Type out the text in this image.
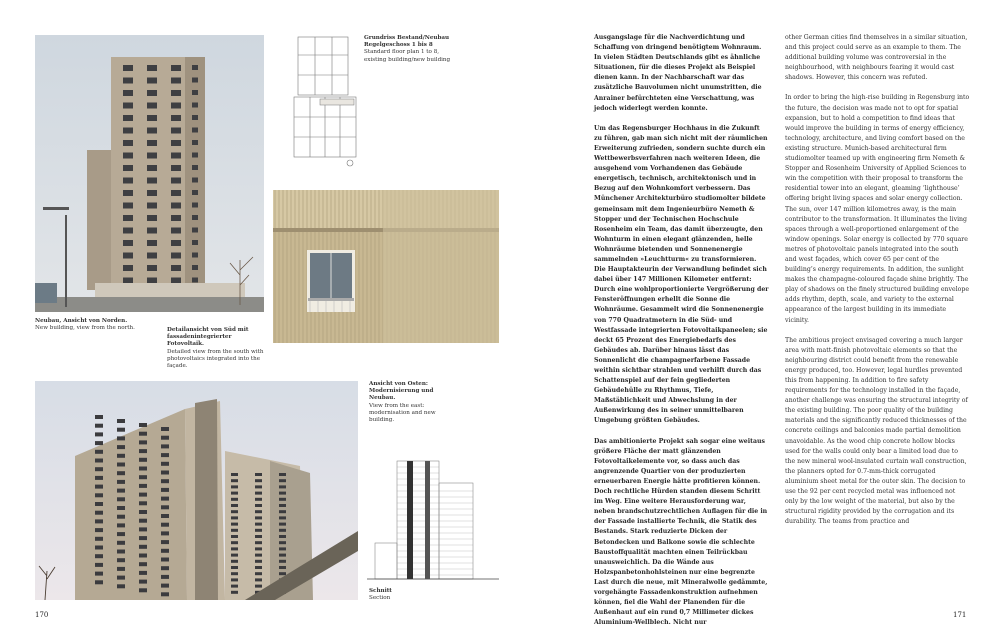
Grundriss Bestand/Neubau Regelgeschoss 1 bis 8
Standard floor plan 1 to 8, existing building/new building
Neubau, Ansicht von Norden.
New building, view from the north.	Detailansicht von Süd mit fassadenintegrierter Fotovoltaik.
Detailed view from the south with photovoltaics integrated into the façade.
Ansicht von Osten: Modernisierung und Neubau.
View from the east: modernisation and new building.
Schnitt
Section

Ausgangslage für die Nachverdichtung und Schaffung von dringend benötigtem Wohnraum. In vielen Städten Deutschlands gibt es ähnliche Situationen, für die dieses Projekt als Beispiel dienen kann. In der Nachbarschaft war das zusätzliche Bauvolumen nicht unumstritten, die Anrainer befürchteten eine Verschattung, was jedoch widerlegt werden konnte.

Um das Regensburger Hochhaus in die Zukunft zu führen, gab man sich nicht mit der räumlichen Erweiterung zufrieden, sondern suchte durch ein Wettbewerbsverfahren nach weiteren Ideen, die ausgehend vom Vorhandenen das Gebäude energetisch, technisch, architektonisch und in Bezug auf den Wohnkomfort verbessern. Das Münchener Architekturbüro studiomolter bildete gemeinsam mit dem Ingenieurbüro Nemeth & Stopper und der Technischen Hochschule Rosenheim ein Team, das damit überzeugte, den Wohnturm in einen elegant glänzenden, helle Wohnräume bietenden und Sonnenenergie sammelnden »Leuchtturm« zu transformieren. Die Hauptakteurin der Verwandlung befindet sich dabei über 147 Millionen Kilometer entfernt: Durch eine wohlproportionierte Vergrößerung der Fensteröffnungen erhellt die Sonne die Wohnräume. Gesammelt wird die Sonnenenergie von 770 Quadratmetern in die Süd- und Westfassade integrierten Fotovoltaikpaneelen; sie deckt 65 Prozent des Energiebedarfs des Gebäudes ab. Darüber hinaus lässt das Sonnenlicht die champagnerfarbene Fassade weithin sichtbar strahlen und verhilft durch das Schattenspiel auf der fein gegliederten Gebäudehülle zu Rhythmus, Tiefe, Maßstäblichkeit und Abwechslung in der Außenwirkung des in seiner unmittelbaren Umgebung größten Gebäudes.

Das ambitionierte Projekt sah sogar eine weitaus größere Fläche der matt glänzenden Fotovoltaikelemente vor, so dass auch das angrenzende Quartier von der produzierten erneuerbaren Energie hätte profitieren können. Doch rechtliche Hürden standen diesem Schritt im Weg. Eine weitere Herausforderung war, neben brandschutzrechtlichen Auflagen für die in der Fassade installierte Technik, die Statik des Bestands. Stark reduzierte Dicken der Betondecken und Balkone sowie die schlechte Baustoffqualität machten einen Teilrückbau unausweichlich. Da die Wände aus Holzspanbetonhohlsteinen nur eine begrenzte Last durch die neue, mit Mineralwolle gedämmte, vorgehängte Fassadenkonstruktion aufnehmen können, fiel die Wahl der Planenden für die Außenhaut auf ein rund 0,7 Millimeter dickes Aluminium-Wellblech. Nicht nur

other German cities find themselves in a similar situation, and this project could serve as an example to them. The additional building volume was controversial in the neighbourhood, with neighbours fearing it would cast shadows. However, this concern was refuted.

In order to bring the high-rise building in Regensburg into the future, the decision was made not to opt for spatial expansion, but to hold a competition to find ideas that would improve the building in terms of energy efficiency, technology, architecture, and living comfort based on the existing structure. Munich-based architectural firm studiomolter teamed up with engineering firm Nemeth & Stopper and Rosenheim University of Applied Sciences to win the competition with their proposal to transform the residential tower into an elegant, gleaming ‘lighthouse’ offering bright living spaces and solar energy collection. The sun, over 147 million kilometres away, is the main contributor to the transformation. It illuminates the living spaces through a well-proportioned enlargement of the window openings. Solar energy is collected by 770 square metres of photovoltaic panels integrated into the south and west façades, which cover 65 per cent of the building’s energy requirements. In addition, the sunlight makes the champagne-coloured façade shine brightly. The play of shadows on the finely structured building envelope adds rhythm, depth, scale, and variety to the external appearance of the largest building in its immediate vicinity.

The ambitious project envisaged covering a much larger area with matt-finish photovoltaic elements so that the neighbouring district could benefit from the renewable energy produced, too. However, legal hurdles prevented this from happening. In addition to fire safety requirements for the technology installed in the façade, another challenge was ensuring the structural integrity of the existing building. The poor quality of the building materials and the significantly reduced thicknesses of the concrete ceilings and balconies made partial demolition unavoidable. As the wood chip concrete hollow blocks used for the walls could only bear a limited load due to the new mineral wool-insulated curtain wall construction, the planners opted for 0.7-mm-thick corrugated aluminium sheet metal for the outer skin. The decision to use the 92 per cent recycled metal was influenced not only by the low weight of the material, but also by the structural rigidity provided by the corrugation and its durability. The teams from practice and

170	171
